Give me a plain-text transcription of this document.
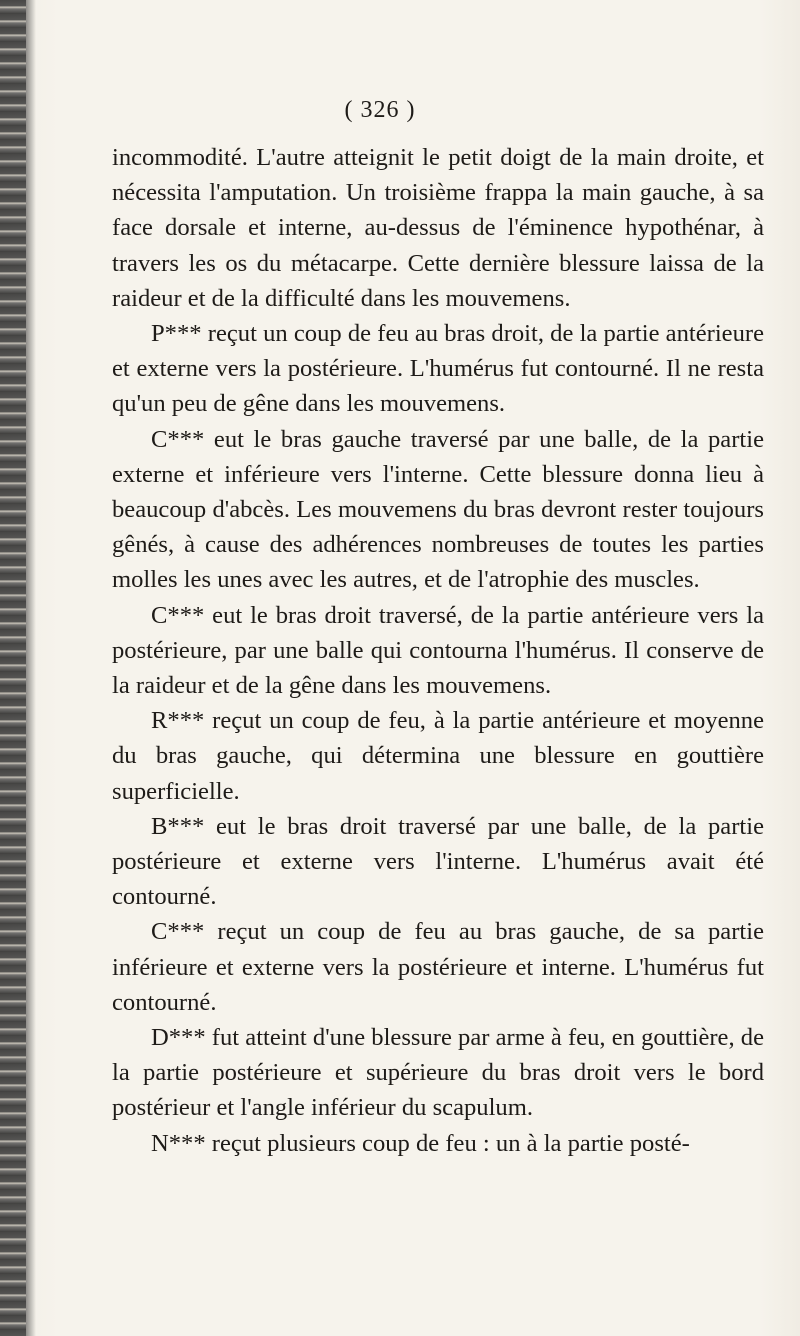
( 326 )

incommodité. L'autre atteignit le petit doigt de la main droite, et nécessita l'amputation. Un troisième frappa la main gauche, à sa face dorsale et interne, au-dessus de l'éminence hypothénar, à travers les os du métacarpe. Cette dernière blessure laissa de la raideur et de la difficulté dans les mouvemens.

P*** reçut un coup de feu au bras droit, de la partie antérieure et externe vers la postérieure. L'humérus fut contourné. Il ne resta qu'un peu de gêne dans les mouvemens.

C*** eut le bras gauche traversé par une balle, de la partie externe et inférieure vers l'interne. Cette blessure donna lieu à beaucoup d'abcès. Les mouvemens du bras devront rester toujours gênés, à cause des adhérences nombreuses de toutes les parties molles les unes avec les autres, et de l'atrophie des muscles.

C*** eut le bras droit traversé, de la partie antérieure vers la postérieure, par une balle qui contourna l'humérus. Il conserve de la raideur et de la gêne dans les mouvemens.

R*** reçut un coup de feu, à la partie antérieure et moyenne du bras gauche, qui détermina une blessure en gouttière superficielle.

B*** eut le bras droit traversé par une balle, de la partie postérieure et externe vers l'interne. L'humérus avait été contourné.

C*** reçut un coup de feu au bras gauche, de sa partie inférieure et externe vers la postérieure et interne. L'humérus fut contourné.

D*** fut atteint d'une blessure par arme à feu, en gouttière, de la partie postérieure et supérieure du bras droit vers le bord postérieur et l'angle inférieur du scapulum.

N*** reçut plusieurs coup de feu : un à la partie posté-
